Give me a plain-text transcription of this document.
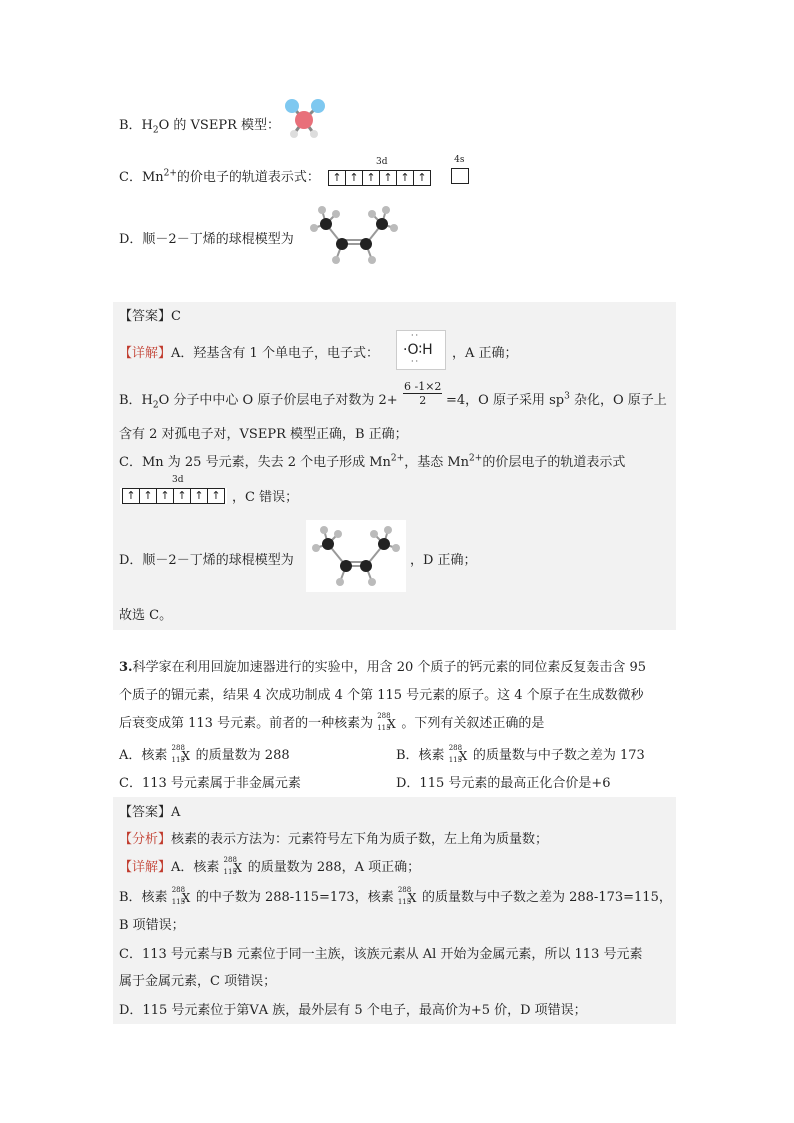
B．$H_2O$ 的 VSEPR 模型：
C．$Mn^{2+}$的价电子的轨道表示式：
3d
↑ ↑ ↑ ↑ ↑ ↑
4s
D．顺－2－丁烯的球棍模型为
【答案】C
【详解】A．羟基含有 1 个单电子，电子式：
··
·O∶H
··
，A 正确；
B．$H_2O$ 分子中中心 O 原子价层电子对数为 $2+ \frac{6 -1\times 2}{2} =4$，O 原子采用 $sp^3$ 杂化，O 原子上
含有 2 对孤电子对，VSEPR 模型正确，B 正确；
C．Mn 为 25 号元素，失去 2 个电子形成 $Mn^{2+}$，基态 $Mn^{2+}$的价层电子的轨道表示式
3d
↑ ↑ ↑ ↑ ↑ ↑ ，C 错误；
D．顺－2－丁烯的球棍模型为	，D 正确；
故选 C。
3.科学家在利用回旋加速器进行的实验中，用含 20 个质子的钙元素的同位素反复轰击含 95
个质子的镅元素，结果 4 次成功制成 4 个第 115 号元素的原子。这 4 个原子在生成数微秒
后衰变成第 113 号元素。前者的一种核素为
288
115
X 。下列有关叙述正确的是
A．核素
288
115
X 的质量数为 288	B．核素
288
115
X 的质量数与中子数之差为 173
C．113 号元素属于非金属元素	D．115 号元素的最高正化合价是+6
【答案】A
【分析】核素的表示方法为：元素符号左下角为质子数，左上角为质量数；
【详解】A．核素
288
115
X 的质量数为 288，A 项正确；
B．核素
288
115
X 的中子数为 288-115=173，核素
288
115
X 的质量数与中子数之差为 288-173=115，
B 项错误；
C．113 号元素与B 元素位于同一主族，该族元素从 Al 开始为金属元素，所以 113 号元素
属于金属元素，C 项错误；
D．115 号元素位于第ⅤA 族，最外层有 5 个电子，最高价为+5 价，D 项错误；
